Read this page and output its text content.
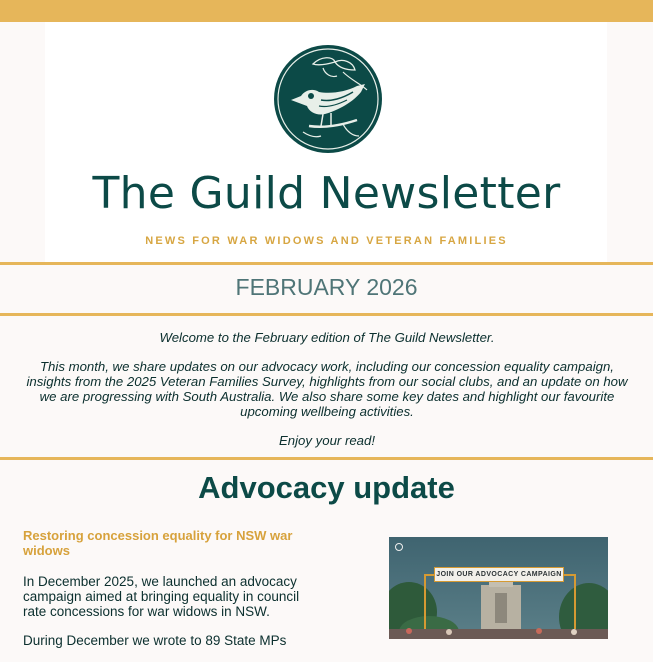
The Guild Newsletter
NEWS FOR WAR WIDOWS AND VETERAN FAMILIES
FEBRUARY 2026

Welcome to the February edition of The Guild Newsletter.

This month, we share updates on our advocacy work, including our concession equality campaign, insights from the 2025 Veteran Families Survey, highlights from our social clubs, and an update on how we are progressing with South Australia. We also share some key dates and highlight our favourite upcoming wellbeing activities.

Enjoy your read!

Advocacy update
Restoring concession equality for NSW war widows

In December 2025, we launched an advocacy campaign aimed at bringing equality in council rate concessions for war widows in NSW.

During December we wrote to 89 State MPs

JOIN OUR ADVOCACY CAMPAIGN
